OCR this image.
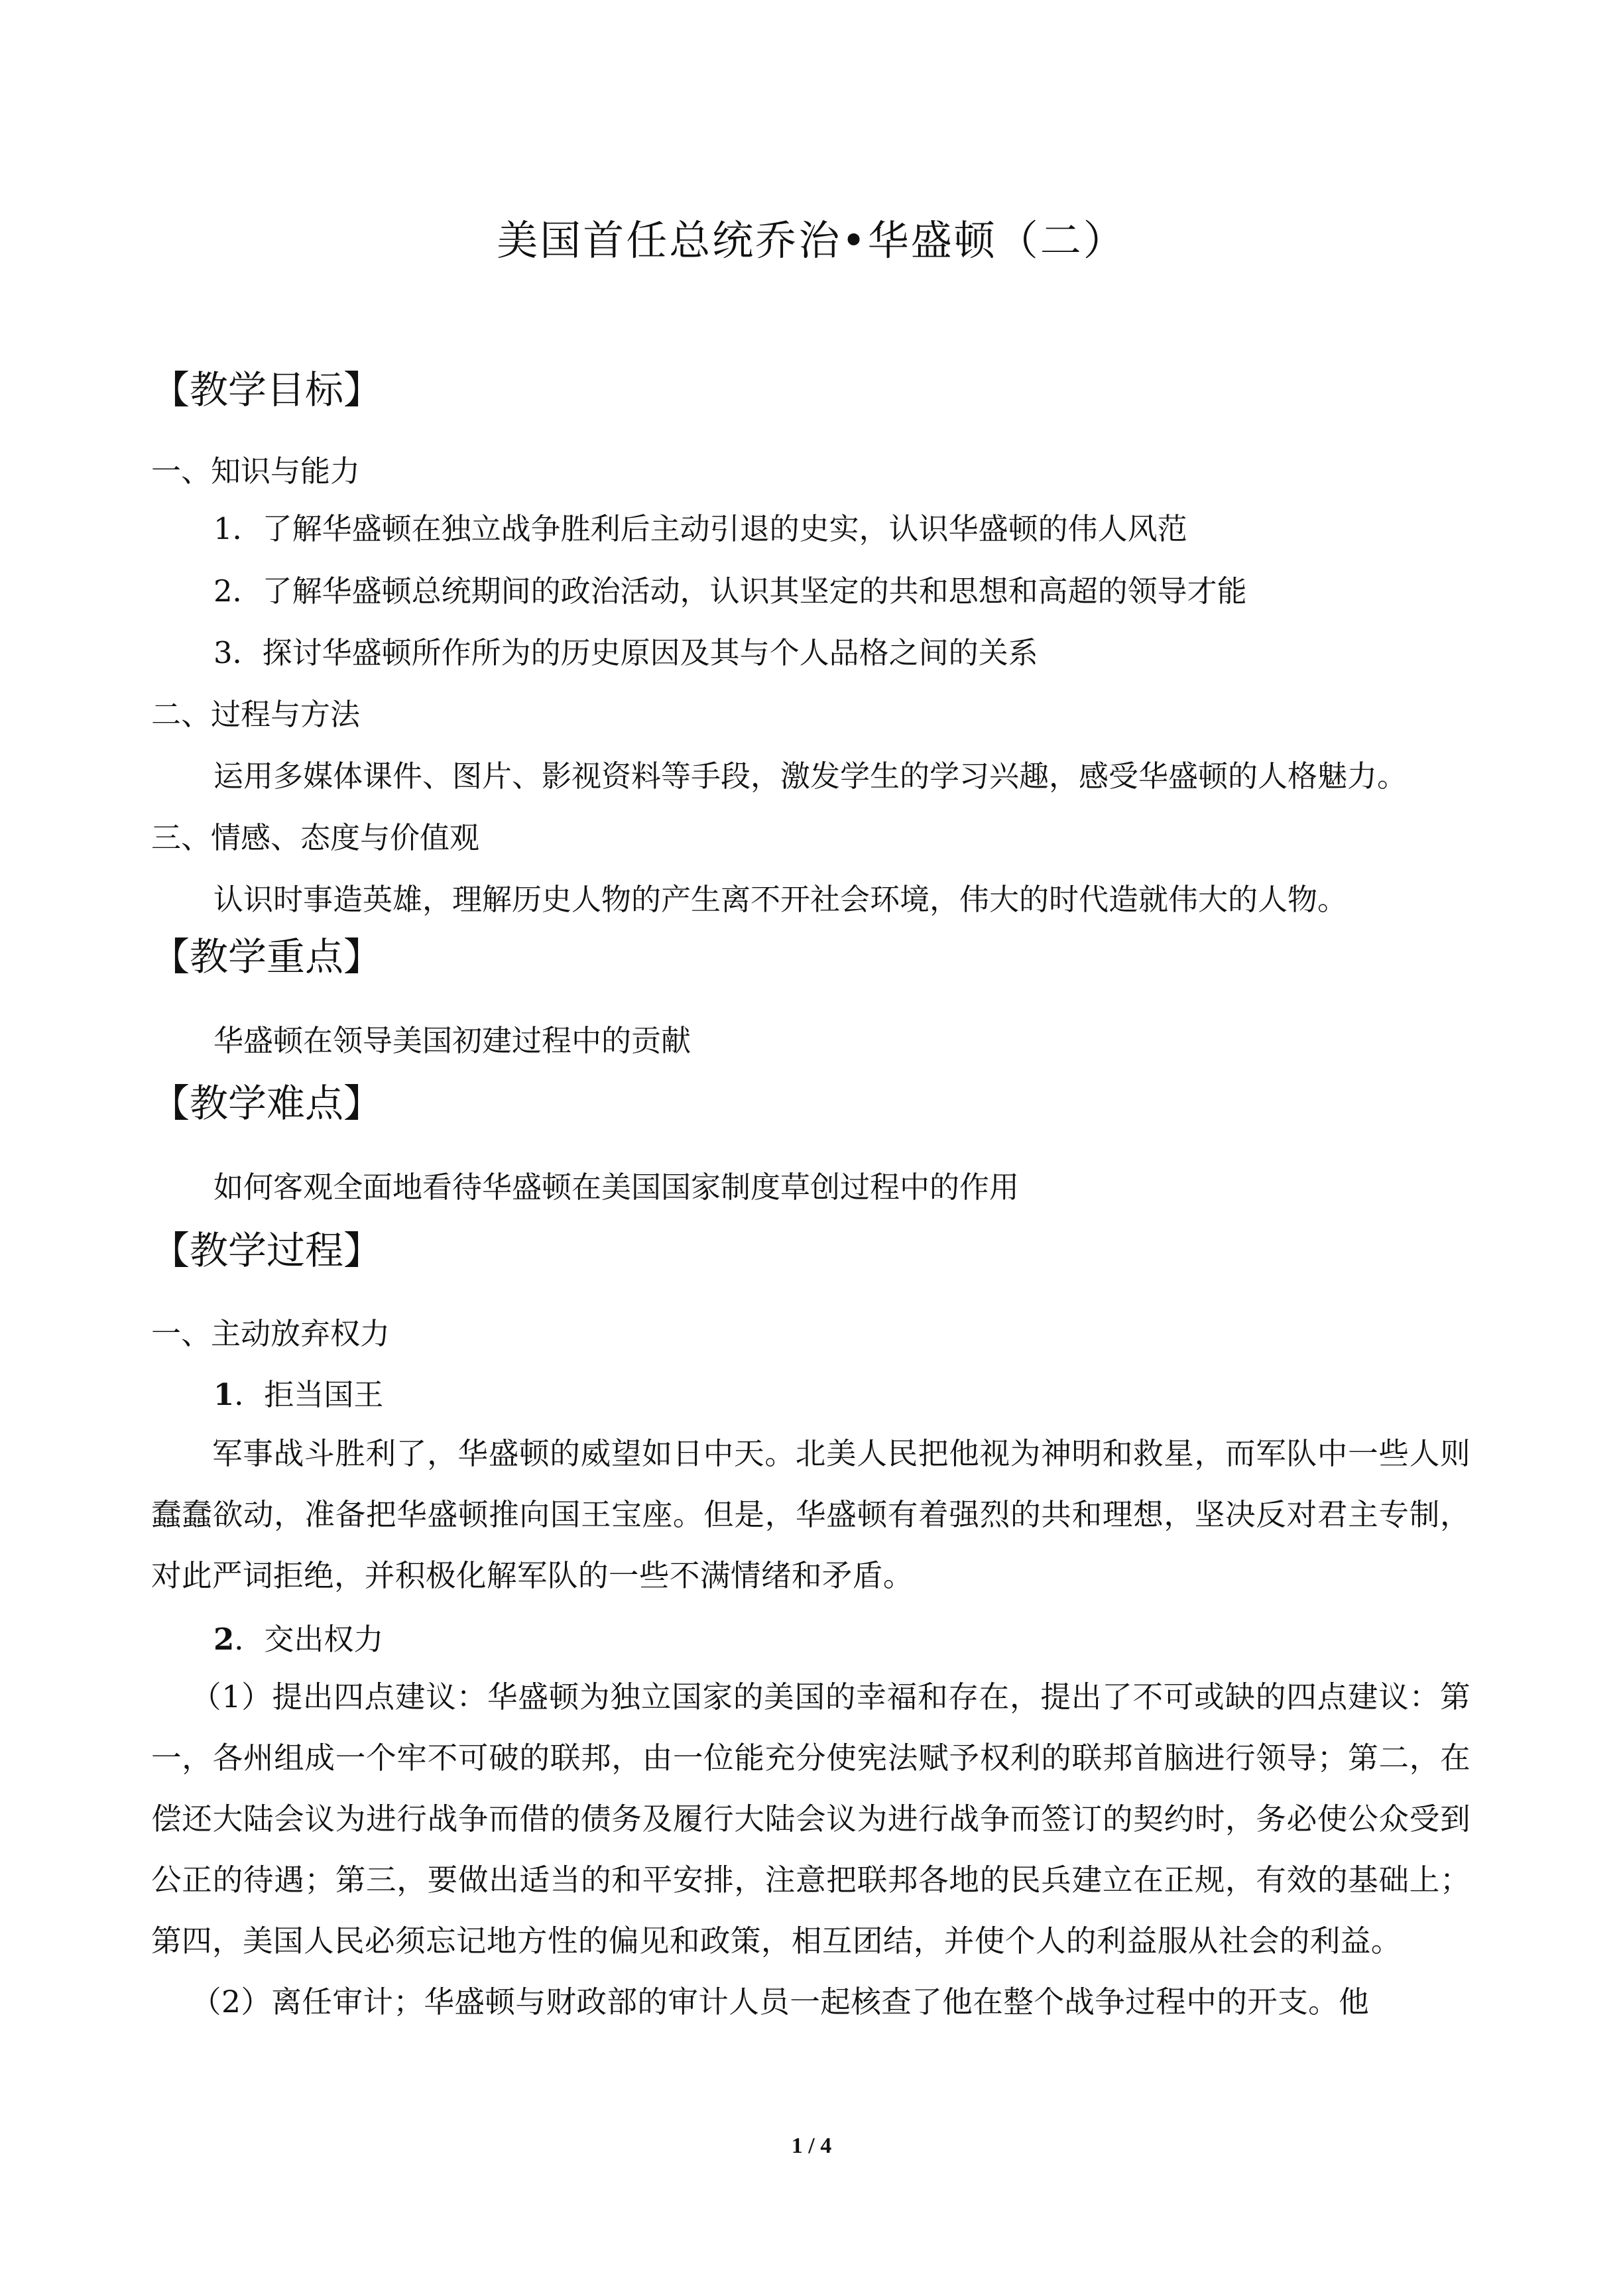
美国首任总统乔治•华盛顿（二）
【教学目标】
一、知识与能力
1．了解华盛顿在独立战争胜利后主动引退的史实，认识华盛顿的伟人风范
2．了解华盛顿总统期间的政治活动，认识其坚定的共和思想和高超的领导才能
3．探讨华盛顿所作所为的历史原因及其与个人品格之间的关系
二、过程与方法
运用多媒体课件、图片、影视资料等手段，激发学生的学习兴趣，感受华盛顿的人格魅力。
三、情感、态度与价值观
认识时事造英雄，理解历史人物的产生离不开社会环境，伟大的时代造就伟大的人物。
【教学重点】
华盛顿在领导美国初建过程中的贡献
【教学难点】
如何客观全面地看待华盛顿在美国国家制度草创过程中的作用
【教学过程】
一、主动放弃权力
1．拒当国王
军事战斗胜利了，华盛顿的威望如日中天。北美人民把他视为神明和救星，而军队中一些人则蠢蠢欲动，准备把华盛顿推向国王宝座。但是，华盛顿有着强烈的共和理想，坚决反对君主专制，对此严词拒绝，并积极化解军队的一些不满情绪和矛盾。
2．交出权力
（1）提出四点建议：华盛顿为独立国家的美国的幸福和存在，提出了不可或缺的四点建议：第一，各州组成一个牢不可破的联邦，由一位能充分使宪法赋予权利的联邦首脑进行领导；第二，在偿还大陆会议为进行战争而借的债务及履行大陆会议为进行战争而签订的契约时，务必使公众受到公正的待遇；第三，要做出适当的和平安排，注意把联邦各地的民兵建立在正规，有效的基础上；第四，美国人民必须忘记地方性的偏见和政策，相互团结，并使个人的利益服从社会的利益。
（2）离任审计；华盛顿与财政部的审计人员一起核查了他在整个战争过程中的开支。他
1 / 4
